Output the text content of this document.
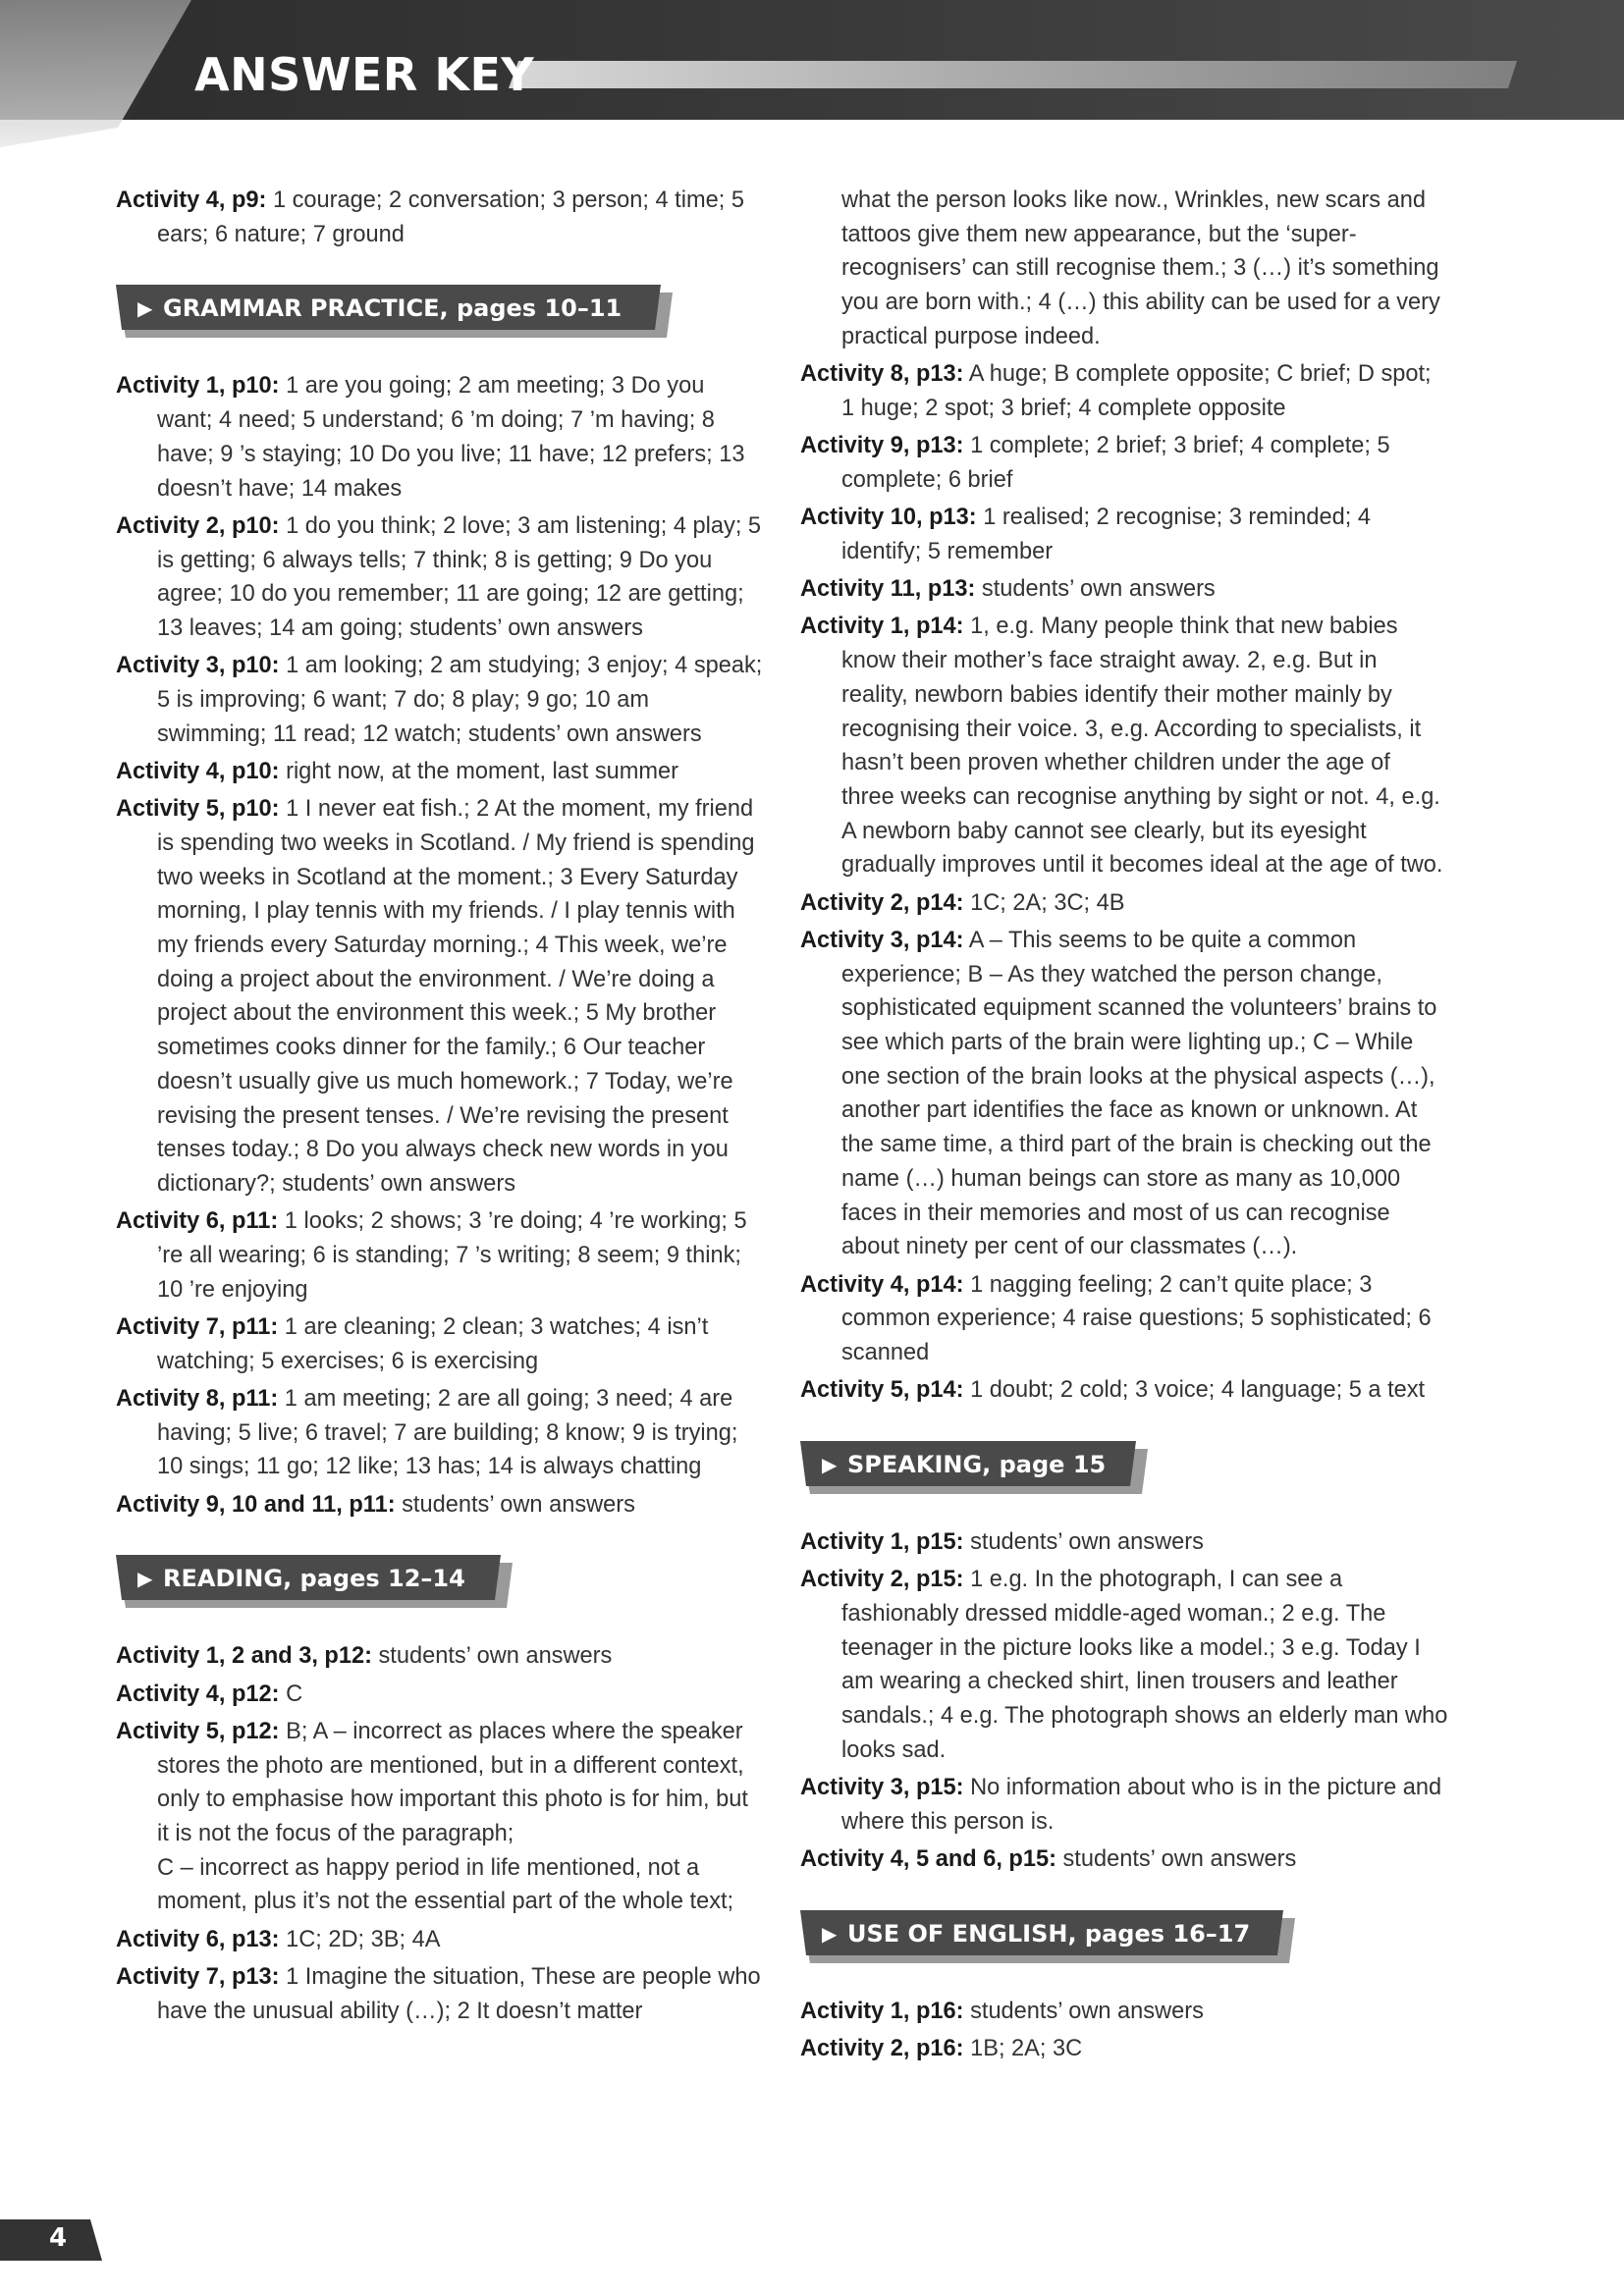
ANSWER KEY
Activity 4, p9: 1 courage; 2 conversation; 3 person; 4 time; 5 ears; 6 nature; 7 ground
▶ GRAMMAR PRACTICE, pages 10–11
Activity 1, p10: 1 are you going; 2 am meeting; 3 Do you want; 4 need; 5 understand; 6 ’m doing; 7 ’m having; 8 have; 9 ’s staying; 10 Do you live; 11 have; 12 prefers; 13 doesn’t have; 14 makes
Activity 2, p10: 1 do you think; 2 love; 3 am listening; 4 play; 5 is getting; 6 always tells; 7 think; 8 is getting; 9 Do you agree; 10 do you remember; 11 are going; 12 are getting; 13 leaves; 14 am going; students’ own answers
Activity 3, p10: 1 am looking; 2 am studying; 3 enjoy; 4 speak; 5 is improving; 6 want; 7 do; 8 play; 9 go; 10 am swimming; 11 read; 12 watch; students’ own answers
Activity 4, p10: right now, at the moment, last summer
Activity 5, p10: 1 I never eat fish.; 2 At the moment, my friend is spending two weeks in Scotland. / My friend is spending two weeks in Scotland at the moment.; 3 Every Saturday morning, I play tennis with my friends. / I play tennis with my friends every Saturday morning.; 4 This week, we’re doing a project about the environment. / We’re doing a project about the environment this week.; 5 My brother sometimes cooks dinner for the family.; 6 Our teacher doesn’t usually give us much homework.; 7 Today, we’re revising the present tenses. / We’re revising the present tenses today.; 8 Do you always check new words in you dictionary?; students’ own answers
Activity 6, p11: 1 looks; 2 shows; 3 ’re doing; 4 ’re working; 5 ’re all wearing; 6 is standing; 7 ’s writing; 8 seem; 9 think; 10 ’re enjoying
Activity 7, p11: 1 are cleaning; 2 clean; 3 watches; 4 isn’t watching; 5 exercises; 6 is exercising
Activity 8, p11: 1 am meeting; 2 are all going; 3 need; 4 are having; 5 live; 6 travel; 7 are building; 8 know; 9 is trying; 10 sings; 11 go; 12 like; 13 has; 14 is always chatting
Activity 9, 10 and 11, p11: students’ own answers
▶ READING, pages 12–14
Activity 1, 2 and 3, p12: students’ own answers
Activity 4, p12: C
Activity 5, p12: B; A – incorrect as places where the speaker stores the photo are mentioned, but in a different context, only to emphasise how important this photo is for him, but it is not the focus of the paragraph;
C – incorrect as happy period in life mentioned, not a moment, plus it’s not the essential part of the whole text;
Activity 6, p13: 1C; 2D; 3B; 4A
Activity 7, p13: 1 Imagine the situation, These are people who have the unusual ability (…); 2 It doesn’t matter
what the person looks like now., Wrinkles, new scars and tattoos give them new appearance, but the ‘super-recognisers’ can still recognise them.; 3 (…) it’s something you are born with.; 4 (…) this ability can be used for a very practical purpose indeed.
Activity 8, p13: A huge; B complete opposite; C brief; D spot; 1 huge; 2 spot; 3 brief; 4 complete opposite
Activity 9, p13: 1 complete; 2 brief; 3 brief; 4 complete; 5 complete; 6 brief
Activity 10, p13: 1 realised; 2 recognise; 3 reminded; 4 identify; 5 remember
Activity 11, p13: students’ own answers
Activity 1, p14: 1, e.g. Many people think that new babies know their mother’s face straight away. 2, e.g. But in reality, newborn babies identify their mother mainly by recognising their voice. 3, e.g. According to specialists, it hasn’t been proven whether children under the age of three weeks can recognise anything by sight or not. 4, e.g. A newborn baby cannot see clearly, but its eyesight gradually improves until it becomes ideal at the age of two.
Activity 2, p14: 1C; 2A; 3C; 4B
Activity 3, p14: A – This seems to be quite a common experience; B – As they watched the person change, sophisticated equipment scanned the volunteers’ brains to see which parts of the brain were lighting up.; C – While one section of the brain looks at the physical aspects (…), another part identifies the face as known or unknown. At the same time, a third part of the brain is checking out the name (…) human beings can store as many as 10,000 faces in their memories and most of us can recognise about ninety per cent of our classmates (…).
Activity 4, p14: 1 nagging feeling; 2 can’t quite place; 3 common experience; 4 raise questions; 5 sophisticated; 6 scanned
Activity 5, p14: 1 doubt; 2 cold; 3 voice; 4 language; 5 a text
▶ SPEAKING, page 15
Activity 1, p15: students’ own answers
Activity 2, p15: 1 e.g. In the photograph, I can see a fashionably dressed middle-aged woman.; 2 e.g. The teenager in the picture looks like a model.; 3 e.g. Today I am wearing a checked shirt, linen trousers and leather sandals.; 4 e.g. The photograph shows an elderly man who looks sad.
Activity 3, p15: No information about who is in the picture and where this person is.
Activity 4, 5 and 6, p15: students’ own answers
▶ USE OF ENGLISH, pages 16–17
Activity 1, p16: students’ own answers
Activity 2, p16: 1B; 2A; 3C
4
